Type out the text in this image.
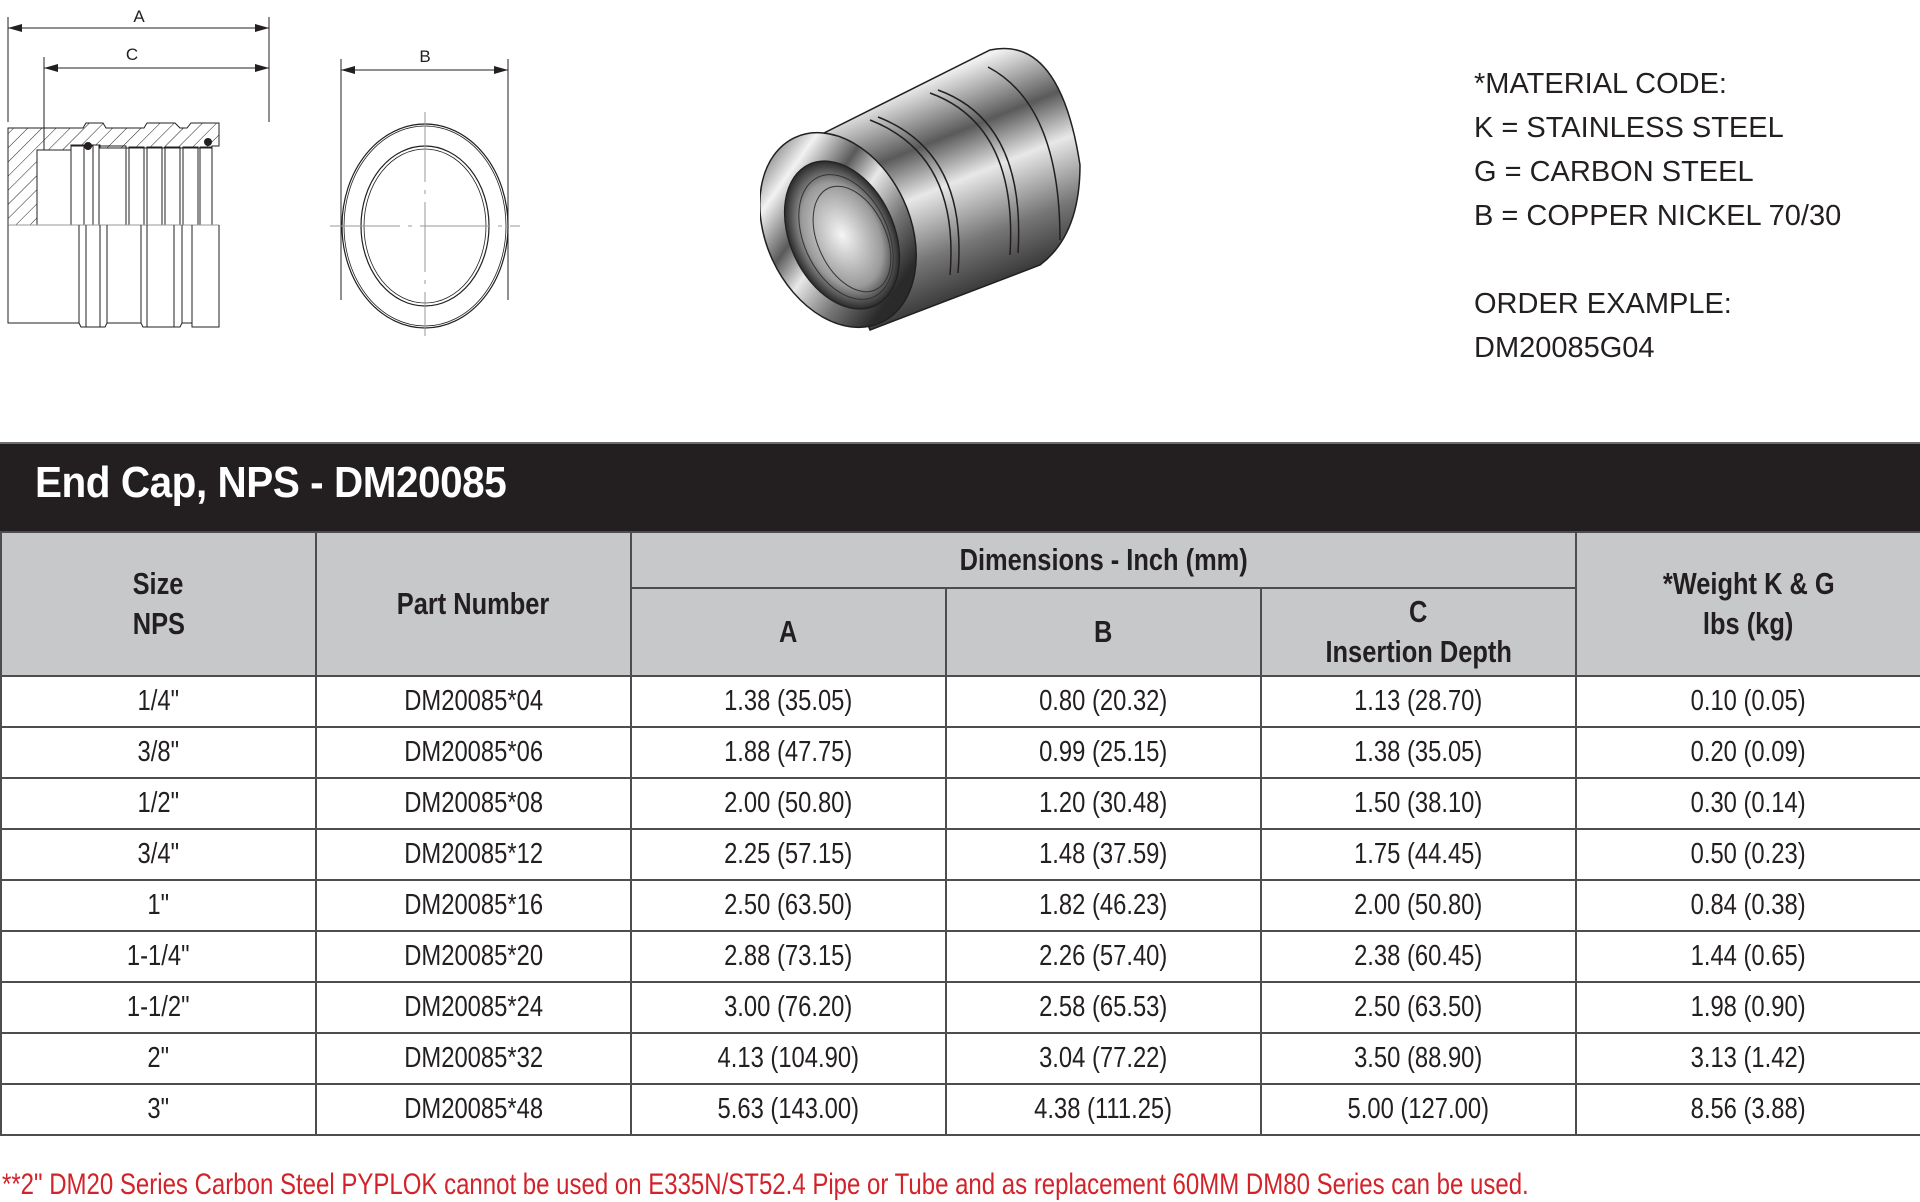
A
C	B
*MATERIAL CODE:
K = STAINLESS STEEL
G = CARBON STEEL
B = COPPER NICKEL 70/30
ORDER EXAMPLE:
DM20085G04
End Cap, NPS - DM20085
Size
NPS	Part Number	Dimensions - Inch (mm)			*Weight K & G
lbs (kg)
		A	B	C
Insertion Depth	
1/4"	DM20085*04	1.38 (35.05)	0.80 (20.32)	1.13 (28.70)	0.10 (0.05)
3/8"	DM20085*06	1.88 (47.75)	0.99 (25.15)	1.38 (35.05)	0.20 (0.09)
1/2"	DM20085*08	2.00 (50.80)	1.20 (30.48)	1.50 (38.10)	0.30 (0.14)
3/4"	DM20085*12	2.25 (57.15)	1.48 (37.59)	1.75 (44.45)	0.50 (0.23)
1"	DM20085*16	2.50 (63.50)	1.82 (46.23)	2.00 (50.80)	0.84 (0.38)
1-1/4"	DM20085*20	2.88 (73.15)	2.26 (57.40)	2.38 (60.45)	1.44 (0.65)
1-1/2"	DM20085*24	3.00 (76.20)	2.58 (65.53)	2.50 (63.50)	1.98 (0.90)
2"	DM20085*32	4.13 (104.90)	3.04 (77.22)	3.50 (88.90)	3.13 (1.42)
3"	DM20085*48	5.63 (143.00)	4.38 (111.25)	5.00 (127.00)	8.56 (3.88)
**2" DM20 Series Carbon Steel PYPLOK cannot be used on E335N/ST52.4 Pipe or Tube and as replacement 60MM DM80 Series can be used.
